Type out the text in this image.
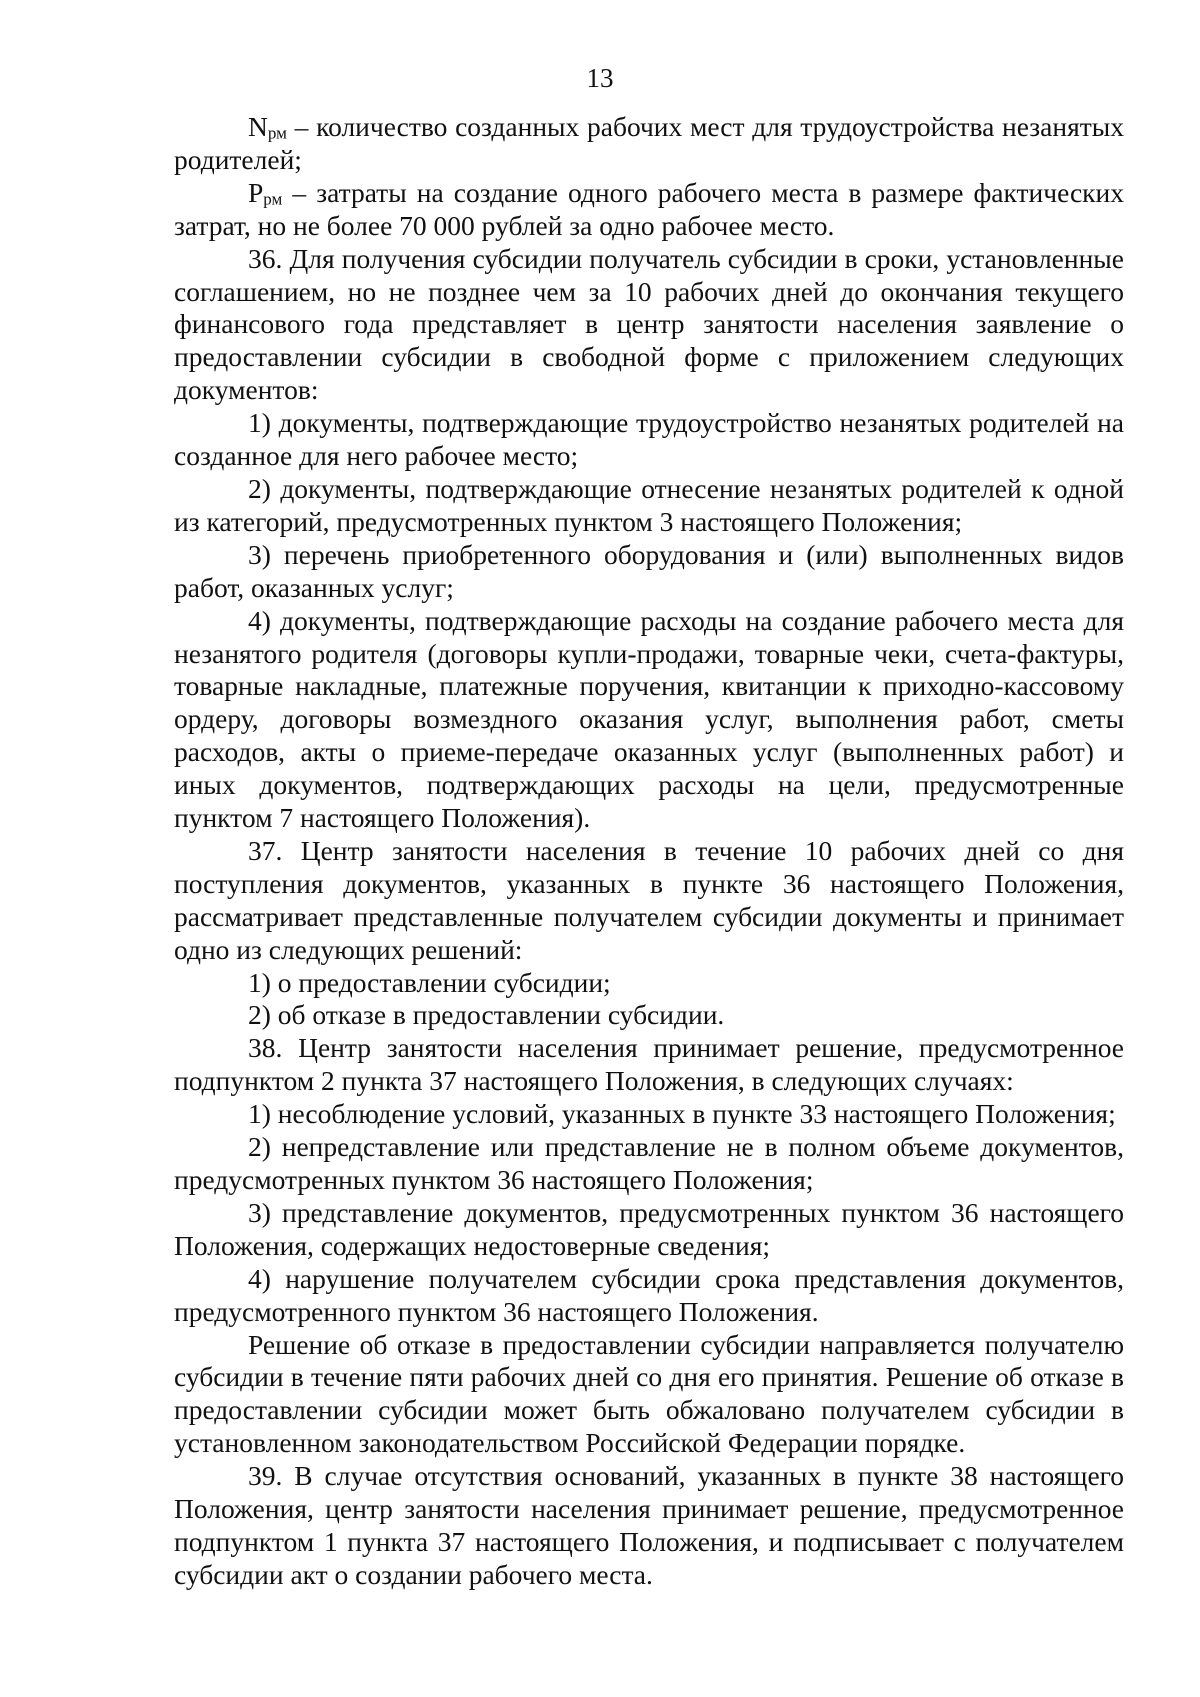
13

Nрм – количество созданных рабочих мест для трудоустройства незанятых родителей;

Pрм – затраты на создание одного рабочего места в размере фактических затрат, но не более 70 000 рублей за одно рабочее место.

36. Для получения субсидии получатель субсидии в сроки, установленные соглашением, но не позднее чем за 10 рабочих дней до окончания текущего финансового года представляет в центр занятости населения заявление о предоставлении субсидии в свободной форме с приложением следующих документов:

1) документы, подтверждающие трудоустройство незанятых родителей на созданное для него рабочее место;

2) документы, подтверждающие отнесение незанятых родителей к одной из категорий, предусмотренных пунктом 3 настоящего Положения;

3) перечень приобретенного оборудования и (или) выполненных видов работ, оказанных услуг;

4) документы, подтверждающие расходы на создание рабочего места для незанятого родителя (договоры купли-продажи, товарные чеки, счета-фактуры, товарные накладные, платежные поручения, квитанции к приходно-кассовому ордеру, договоры возмездного оказания услуг, выполнения работ, сметы расходов, акты о приеме-передаче оказанных услуг (выполненных работ) и иных документов, подтверждающих расходы на цели, предусмотренные пунктом 7 настоящего Положения).

37. Центр занятости населения в течение 10 рабочих дней со дня поступления документов, указанных в пункте 36 настоящего Положения, рассматривает представленные получателем субсидии документы и принимает одно из следующих решений:

1) о предоставлении субсидии;

2) об отказе в предоставлении субсидии.

38. Центр занятости населения принимает решение, предусмотренное подпунктом 2 пункта 37 настоящего Положения, в следующих случаях:

1) несоблюдение условий, указанных в пункте 33 настоящего Положения;

2) непредставление или представление не в полном объеме документов, предусмотренных пунктом 36 настоящего Положения;

3) представление документов, предусмотренных пунктом 36 настоящего Положения, содержащих недостоверные сведения;

4) нарушение получателем субсидии срока представления документов, предусмотренного пунктом 36 настоящего Положения.

Решение об отказе в предоставлении субсидии направляется получателю субсидии в течение пяти рабочих дней со дня его принятия. Решение об отказе в предоставлении субсидии может быть обжаловано получателем субсидии в установленном законодательством Российской Федерации порядке.

39. В случае отсутствия оснований, указанных в пункте 38 настоящего Положения, центр занятости населения принимает решение, предусмотренное подпунктом 1 пункта 37 настоящего Положения, и подписывает с получателем субсидии акт о создании рабочего места.
